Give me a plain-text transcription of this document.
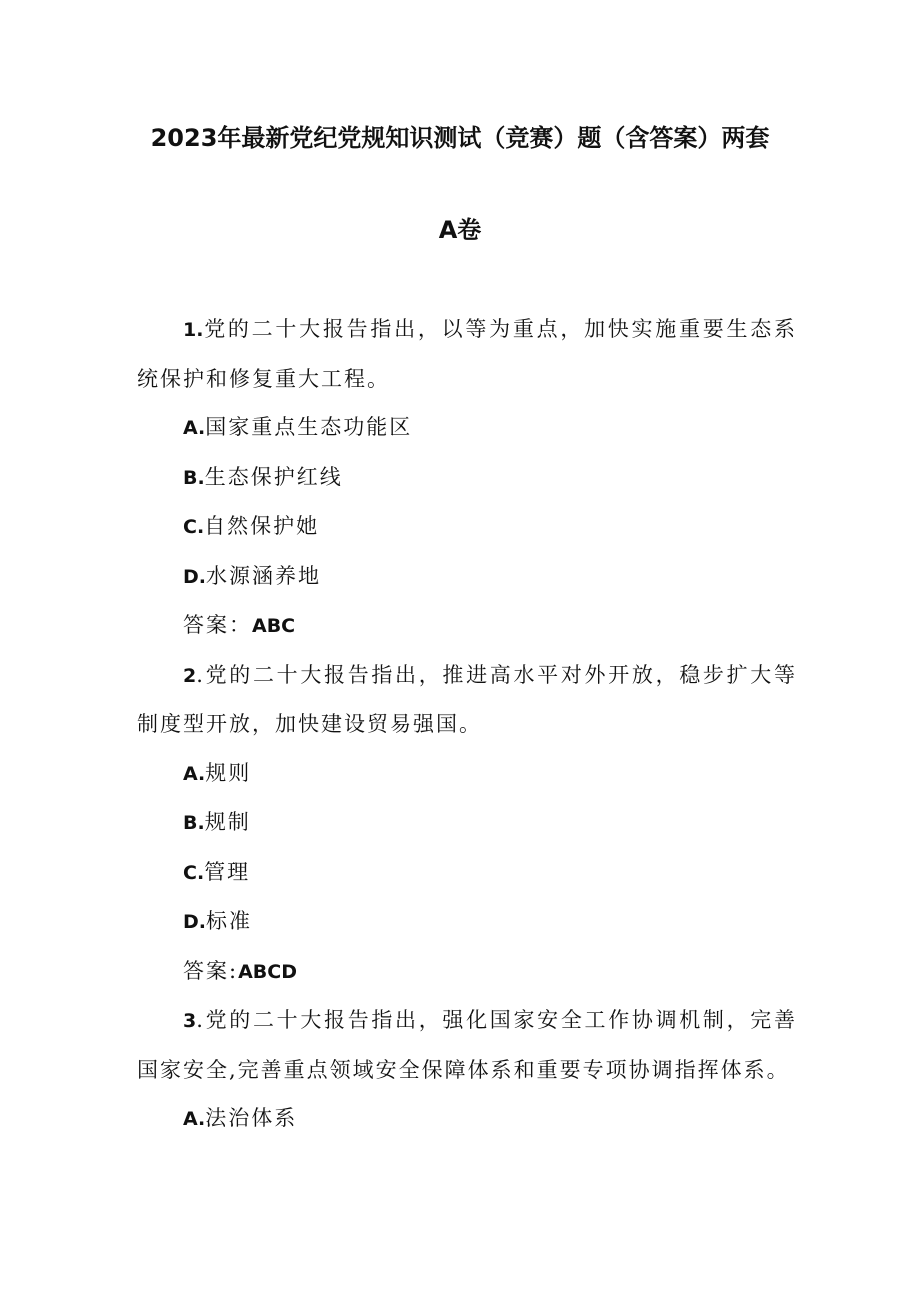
2023年最新党纪党规知识测试（竞赛）题（含答案）两套
A卷

1.党的二十大报告指出，以等为重点，加快实施重要生态系统保护和修复重大工程。

A.国家重点生态功能区

B.生态保护红线

C.自然保护她

D.水源涵养地

答案：ABC

2.党的二十大报告指出，推进高水平对外开放，稳步扩大等制度型开放，加快建设贸易强国。

A.规则

B.规制

C.管理

D.标准

答案:ABCD

3.党的二十大报告指出，强化国家安全工作协调机制，完善国家安全,完善重点领域安全保障体系和重要专项协调指挥体系。

A.法治体系
